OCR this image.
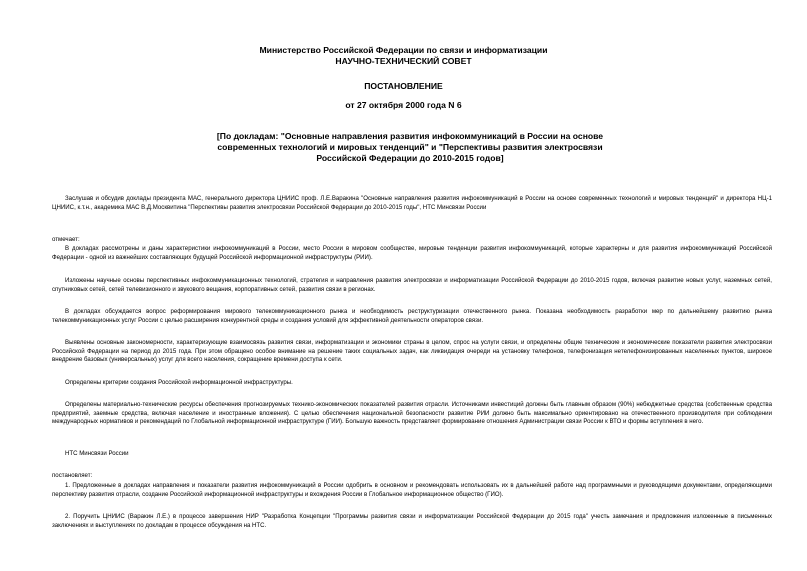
Министерство Российской Федерации по связи и информатизации
НАУЧНО-ТЕХНИЧЕСКИЙ СОВЕТ
ПОСТАНОВЛЕНИЕ
от 27 октября 2000 года N 6
[По докладам: "Основные направления развития инфокоммуникаций в России на основе современных технологий и мировых тенденций" и "Перспективы развития электросвязи Российской Федерации до 2010-2015 годов]
Заслушав и обсудив доклады президента МАС, генерального директора ЦНИИС проф. Л.Е.Варакина "Основные направления развития инфокоммуникаций в России на основе современных технологий и мировых тенденций" и директора НЦ-1 ЦНИИС, к.т.н., академика МАС В.Д.Москвитина "Перспективы развития электросвязи Российской Федерации до 2010-2015 годы", НТС Минсвязи России
отмечает:
В докладах рассмотрены и даны характеристики инфокоммуникаций в России, место России в мировом сообществе, мировые тенденции развития инфокоммуникаций, которые характерны и для развития инфокоммуникаций Российской Федерации - одной из важнейших составляющих будущей Российской информационной инфраструктуры (РИИ).
Изложены научные основы перспективных инфокоммуникационных технологий, стратегия и направления развития электросвязи и информатизации Российской Федерации до 2010-2015 годов, включая развитие новых услуг, наземных сетей, спутниковых сетей, сетей телевизионного и звукового вещания, корпоративных сетей, развития связи в регионах.
В докладах обсуждается вопрос реформирования мирового телекоммуникационного рынка и необходимость реструктуризации отечественного рынка. Показана необходимость разработки мер по дальнейшему развитию рынка телекоммуникационных услуг России с целью расширения конкурентной среды и создания условий для эффективной деятельности операторов связи.
Выявлены основные закономерности, характеризующие взаимосвязь развития связи, информатизации и экономики страны в целом, спрос на услуги связи, и определены общие технические и экономические показатели развития электросвязи Российской Федерации на период до 2015 года. При этом обращено особое внимание на решение таких социальных задач, как ликвидация очереди на установку телефонов, телефонизация нетелефонизированных населенных пунктов, широкое внедрение базовых (универсальных) услуг для всего населения, сокращение времени доступа к сети.
Определены критерии создания Российской информационной инфраструктуры.
Определены материально-технические ресурсы обеспечения прогнозируемых технико-экономических показателей развития отрасли. Источниками инвестиций должны быть главным образом (90%) небюджетные средства (собственные средства предприятий, заемные средства, включая население и иностранные вложения). С целью обеспечения национальной безопасности развитие РИИ должно быть максимально ориентировано на отечественного производителя при соблюдении международных нормативов и рекомендаций по Глобальной информационной инфраструктуре (ГИИ). Большую важность представляет формирование отношения Администрации связи России к ВТО и формы вступления в него.
НТС Минсвязи России
постановляет:
1. Предложенные в докладах направления и показатели развития инфокоммуникаций в России одобрить в основном и рекомендовать использовать их в дальнейшей работе над программными и руководящими документами, определяющими перспективу развития отрасли, создание Российской информационной инфраструктуры и вхождения России в Глобальное информационное общество (ГИО).
2. Поручить ЦНИИС (Варакин Л.Е.) в процессе завершения НИР "Разработка Концепции "Программы развития связи и информатизации Российской Федерации до 2015 года" учесть замечания и предложения изложенные в письменных заключениях и выступлениях по докладам в процессе обсуждения на НТС.
